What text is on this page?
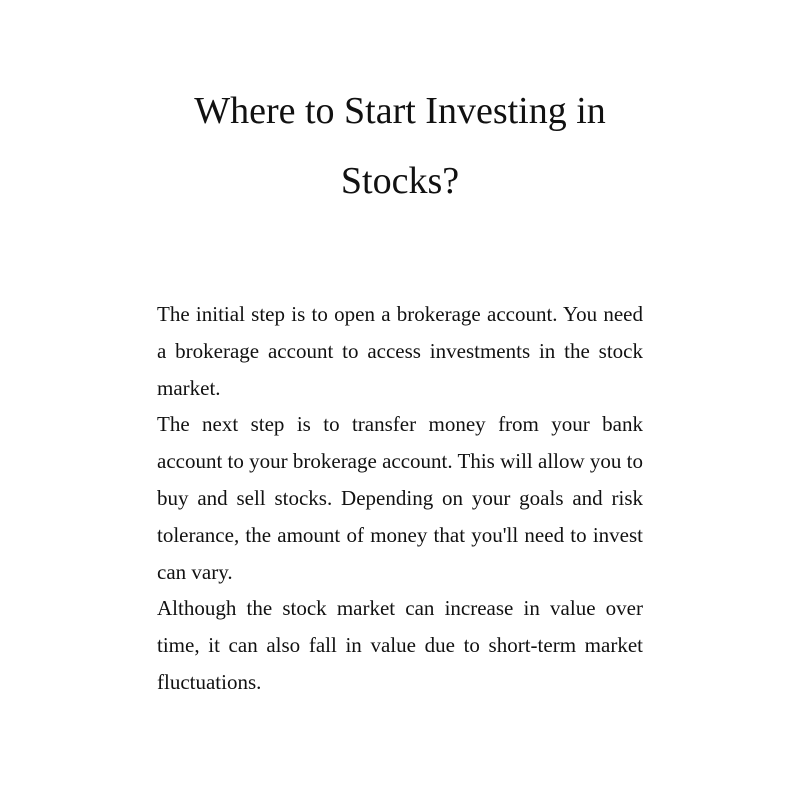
Where to Start Investing in Stocks?

The initial step is to open a brokerage account. You need a brokerage account to access investments in the stock market.

The next step is to transfer money from your bank account to your brokerage account. This will allow you to buy and sell stocks. Depending on your goals and risk tolerance, the amount of money that you'll need to invest can vary.

Although the stock market can increase in value over time, it can also fall in value due to short-term market fluctuations.
